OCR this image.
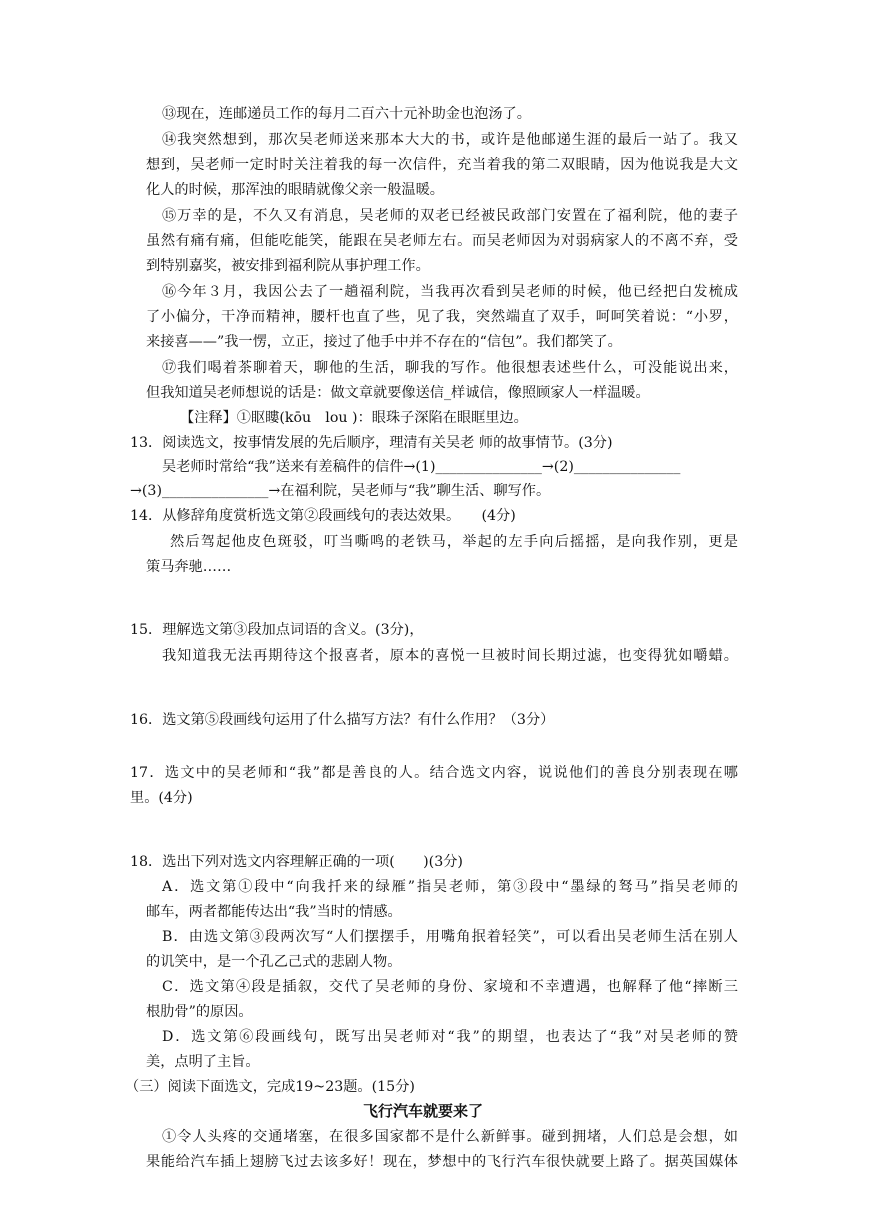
⑬现在，连邮递员工作的每月二百六十元补助金也泡汤了。
⑭我突然想到，那次吴老师送来那本大大的书，或许是他邮递生涯的最后一站了。我又
想到，吴老师一定时时关注着我的每一次信件，充当着我的第二双眼睛，因为他说我是大文
化人的时候，那浑浊的眼睛就像父亲一般温暖。
⑮万幸的是，不久又有消息，吴老师的双老已经被民政部门安置在了福利院，他的妻子
虽然有痛有痛，但能吃能笑，能跟在吴老师左右。而吴老师因为对弱病家人的不离不弃，受
到特别嘉奖，被安排到福利院从事护理工作。
⑯今年３月，我因公去了一趟福利院，当我再次看到吴老师的时候，他已经把白发梳成
了小偏分，干净而精神，腰杆也直了些，见了我，突然端直了双手，呵呵笑着说：“小罗，
来接喜——”我一愣，立正，接过了他手中并不存在的“信包”。我们都笑了。
⑰我们喝着茶聊着天，聊他的生活，聊我的写作。他很想表述些什么，可没能说出来，
但我知道吴老师想说的话是：做文章就要像送信_样诚信，像照顾家人一样温暖。
【注释】①眍瞜(kōu　lou )：眼珠子深陷在眼眶里边。
13．阅读选文，按事情发展的先后顺序，理清有关吴老 师的故事情节。(3分)
吴老师时常给“我”送来有差稿件的信件→(1)_______________→(2)_______________
→(3)_______________→在福利院，吴老师与“我”聊生活、聊写作。
14．从修辞角度赏析选文第②段画线句的表达效果。　　(4分)
然后驾起他皮色斑驳，叮当嘶鸣的老铁马，举起的左手向后摇摇，是向我作别，更是
策马奔驰……
15．理解选文第③段加点词语的含义。(3分)，
我知道我无法再期待这个报喜者，原本的喜悦一旦被时间长期过滤，也变得犹如嚼蜡。
16．选文第⑤段画线句运用了什么描写方法？有什么作用？（3分）
17．选文中的吴老师和“我”都是善良的人。结合选文内容，说说他们的善良分别表现在哪
里。(4分)
18．选出下列对选文内容理解正确的一项(　　)(3分)
A．选文第①段中“向我扦来的绿雁”指吴老师，第③段中“墨绿的驽马”指吴老师的
邮车，两者都能传达出“我”当时的情感。
B．由选文第③段两次写“人们摆摆手，用嘴角抿着轻笑”，可以看出吴老师生活在别人
的讥笑中，是一个孔乙己式的悲剧人物。
C．选文第④段是插叙，交代了吴老师的身份、家境和不幸遭遇，也解释了他“摔断三
根肋骨”的原因。
D．选文第⑥段画线句，既写出吴老师对“我”的期望，也表达了“我”对吴老师的赞
美，点明了主旨。
（三）阅读下面选文，完成19~23题。(15分)
飞行汽车就要来了
①令人头疼的交通堵塞，在很多国家都不是什么新鲜事。碰到拥堵，人们总是会想，如
果能给汽车插上翅膀飞过去该多好！现在，梦想中的飞行汽车很快就要上路了。据英国媒体
